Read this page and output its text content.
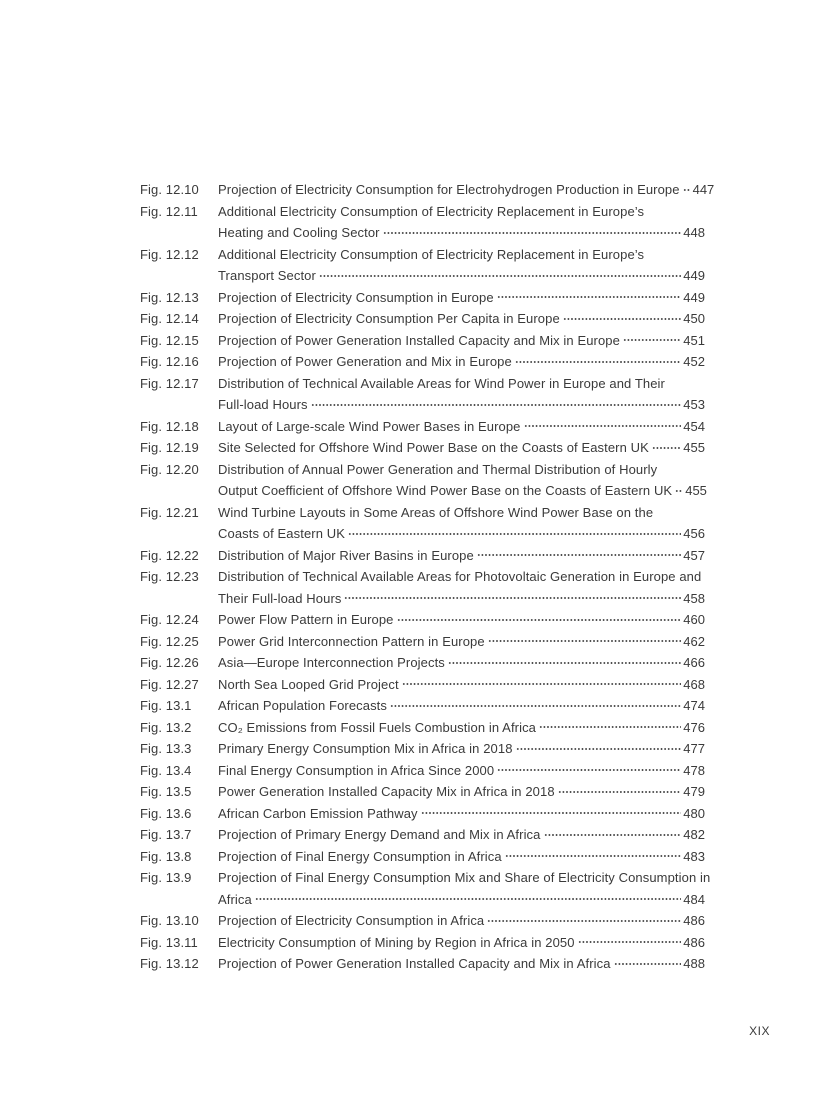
Fig. 12.10	Projection of Electricity Consumption for Electrohydrogen Production in Europe 447
Fig. 12.11	Additional Electricity Consumption of Electricity Replacement in Europe’s
Heating and Cooling Sector	448
Fig. 12.12	Additional Electricity Consumption of Electricity Replacement in Europe’s
Transport Sector	449
Fig. 12.13	Projection of Electricity Consumption in Europe	449
Fig. 12.14	Projection of Electricity Consumption Per Capita in Europe	450
Fig. 12.15	Projection of Power Generation Installed Capacity and Mix in Europe	451
Fig. 12.16	Projection of Power Generation and Mix in Europe	452
Fig. 12.17	Distribution of Technical Available Areas for Wind Power in Europe and Their
Full-load Hours	453
Fig. 12.18	Layout of Large-scale Wind Power Bases in Europe	454
Fig. 12.19	Site Selected for Offshore Wind Power Base on the Coasts of Eastern UK	455
Fig. 12.20	Distribution of Annual Power Generation and Thermal Distribution of Hourly
Output Coefficient of Offshore Wind Power Base on the Coasts of Eastern UK 455
Fig. 12.21	Wind Turbine Layouts in Some Areas of Offshore Wind Power Base on the
Coasts of Eastern UK	456
Fig. 12.22	Distribution of Major River Basins in Europe	457
Fig. 12.23	Distribution of Technical Available Areas for Photovoltaic Generation in Europe and
Their Full-load Hours	458
Fig. 12.24	Power Flow Pattern in Europe	460
Fig. 12.25	Power Grid Interconnection Pattern in Europe	462
Fig. 12.26	Asia—Europe Interconnection Projects	466
Fig. 12.27	North Sea Looped Grid Project	468
Fig. 13.1	African Population Forecasts	474
Fig. 13.2	CO₂ Emissions from Fossil Fuels Combustion in Africa	476
Fig. 13.3	Primary Energy Consumption Mix in Africa in 2018	477
Fig. 13.4	Final Energy Consumption in Africa Since 2000	478
Fig. 13.5	Power Generation Installed Capacity Mix in Africa in 2018	479
Fig. 13.6	African Carbon Emission Pathway	480
Fig. 13.7	Projection of Primary Energy Demand and Mix in Africa	482
Fig. 13.8	Projection of Final Energy Consumption in Africa	483
Fig. 13.9	Projection of Final Energy Consumption Mix and Share of Electricity Consumption in
Africa	484
Fig. 13.10	Projection of Electricity Consumption in Africa	486
Fig. 13.11	Electricity Consumption of Mining by Region in Africa in 2050	486
Fig. 13.12	Projection of Power Generation Installed Capacity and Mix in Africa	488
XIX
